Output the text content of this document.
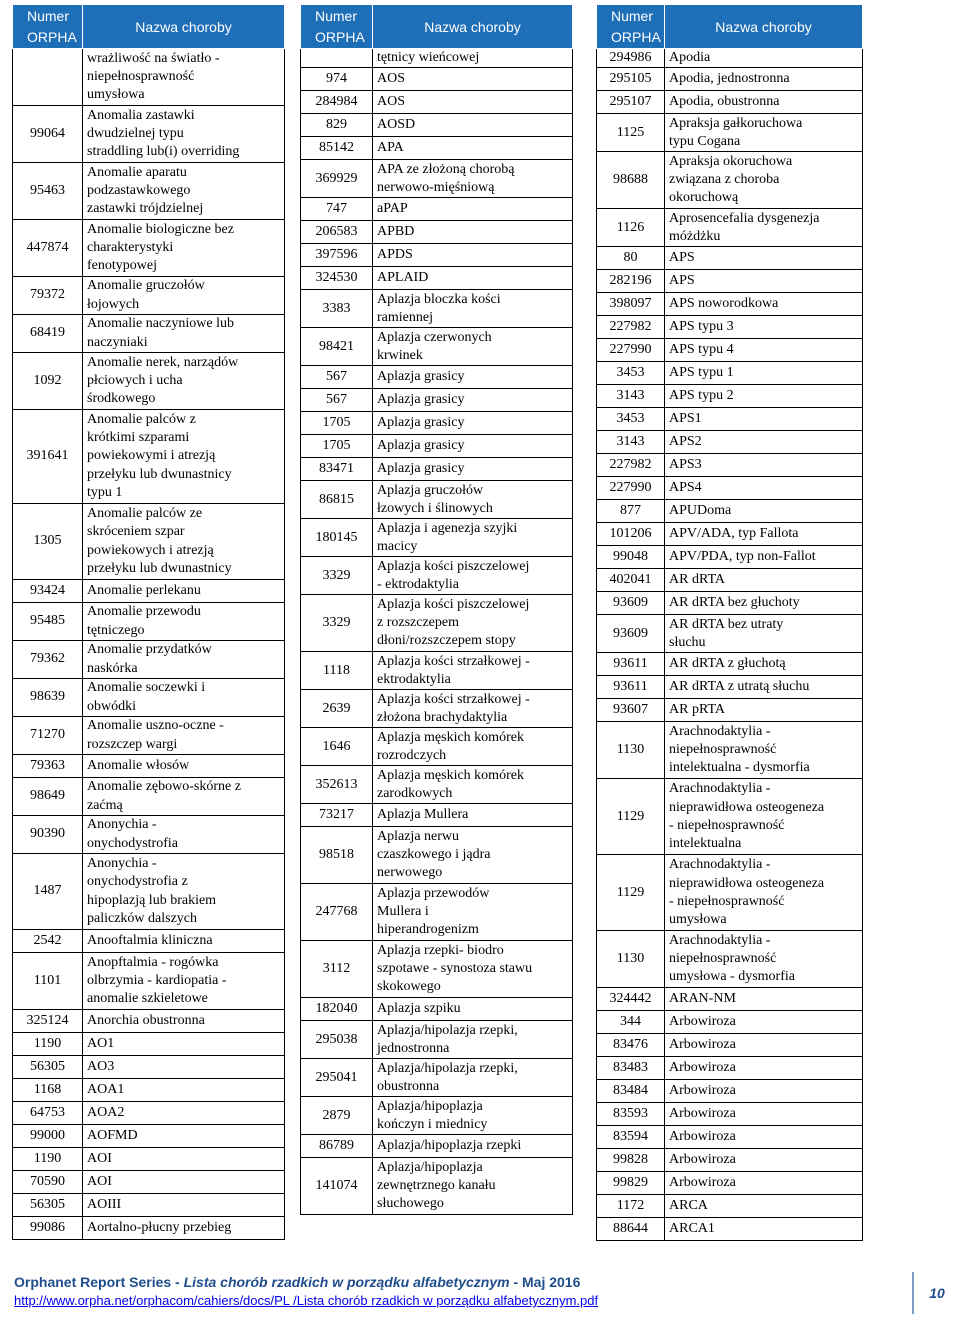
Numer
ORPHA	Nazwa choroby
	wrażliwość na światło -
niepełnosprawność
umysłowa
99064	Anomalia zastawki
dwudzielnej typu
straddling lub(i) overriding
95463	Anomalie aparatu
podzastawkowego
zastawki trójdzielnej
447874	Anomalie biologiczne bez
charakterystyki
fenotypowej
79372	Anomalie gruczołów
łojowych
68419	Anomalie naczyniowe lub
naczyniaki
1092	Anomalie nerek, narządów
płciowych i ucha
środkowego
391641	Anomalie palców z
krótkimi szparami
powiekowymi i atrezją
przełyku lub dwunastnicy
typu 1
1305	Anomalie palców ze
skróceniem szpar
powiekowych i atrezją
przełyku lub dwunastnicy
93424	Anomalie perlekanu
95485	Anomalie przewodu
tętniczego
79362	Anomalie przydatków
naskórka
98639	Anomalie soczewki i
obwódki
71270	Anomalie uszno-oczne -
rozszczep wargi
79363	Anomalie włosów
98649	Anomalie zębowo-skórne z
zaćmą
90390	Anonychia -
onychodystrofia
1487	Anonychia -
onychodystrofia z
hipoplazją lub brakiem
paliczków dalszych
2542	Anooftalmia kliniczna
1101	Anopftalmia - rogówka
olbrzymia - kardiopatia -
anomalie szkieletowe
325124	Anorchia obustronna
1190	AO1
56305	AO3
1168	AOA1
64753	AOA2
99000	AOFMD
1190	AOI
70590	AOI
56305	AOIII
99086	Aortalno-płucny przebieg
Numer
ORPHA	Nazwa choroby
	tętnicy wieńcowej
974	AOS
284984	AOS
829	AOSD
85142	APA
369929	APA ze złożoną chorobą
nerwowo-mięśniową
747	aPAP
206583	APBD
397596	APDS
324530	APLAID
3383	Aplazja bloczka kości
ramiennej
98421	Aplazja czerwonych
krwinek
567	Aplazja grasicy
567	Aplazja grasicy
1705	Aplazja grasicy
1705	Aplazja grasicy
83471	Aplazja grasicy
86815	Aplazja gruczołów
łzowych i ślinowych
180145	Aplazja i agenezja szyjki
macicy
3329	Aplazja kości piszczelowej
- ektrodaktylia
3329	Aplazja kości piszczelowej
z rozszczepem
dłoni/rozszczepem stopy
1118	Aplazja kości strzałkowej -
ektrodaktylia
2639	Aplazja kości strzałkowej -
złożona brachydaktylia
1646	Aplazja męskich komórek
rozrodczych
352613	Aplazja męskich komórek
zarodkowych
73217	Aplazja Mullera
98518	Aplazja nerwu
czaszkowego i jądra
nerwowego
247768	Aplazja przewodów
Mullera i
hiperandrogenizm
3112	Aplazja rzepki- biodro
szpotawe - synostoza stawu
skokowego
182040	Aplazja szpiku
295038	Aplazja/hipolazja rzepki,
jednostronna
295041	Aplazja/hipolazja rzepki,
obustronna
2879	Aplazja/hipoplazja
kończyn i miednicy
86789	Aplazja/hipoplazja rzepki
141074	Aplazja/hipoplazja
zewnętrznego kanału
słuchowego
Numer
ORPHA	Nazwa choroby
294986	Apodia
295105	Apodia, jednostronna
295107	Apodia, obustronna
1125	Apraksja gałkoruchowa
typu Cogana
98688	Apraksja okoruchowa
związana z choroba
okoruchową
1126	Aprosencefalia dysgenezja
móżdżku
80	APS
282196	APS
398097	APS noworodkowa
227982	APS typu 3
227990	APS typu 4
3453	APS typu 1
3143	APS typu 2
3453	APS1
3143	APS2
227982	APS3
227990	APS4
877	APUDoma
101206	APV/ADA, typ Fallota
99048	APV/PDA, typ non-Fallot
402041	AR dRTA
93609	AR dRTA bez głuchoty
93609	AR dRTA bez utraty
słuchu
93611	AR dRTA z głuchotą
93611	AR dRTA z utratą słuchu
93607	AR pRTA
1130	Arachnodaktylia -
niepełnosprawność
intelektualna - dysmorfia
1129	Arachnodaktylia -
nieprawidłowa osteogeneza
- niepełnosprawność
intelektualna
1129	Arachnodaktylia -
nieprawidłowa osteogeneza
- niepełnosprawność
umysłowa
1130	Arachnodaktylia -
niepełnosprawność
umysłowa - dysmorfia
324442	ARAN-NM
344	Arbowiroza
83476	Arbowiroza
83483	Arbowiroza
83484	Arbowiroza
83593	Arbowiroza
83594	Arbowiroza
99828	Arbowiroza
99829	Arbowiroza
1172	ARCA
88644	ARCA1
Orphanet Report Series - Lista chorób rzadkich w porządku alfabetycznym - Maj 2016
http://www.orpha.net/orphacom/cahiers/docs/PL /Lista chorób rzadkich w porządku alfabetycznym.pdf	10
